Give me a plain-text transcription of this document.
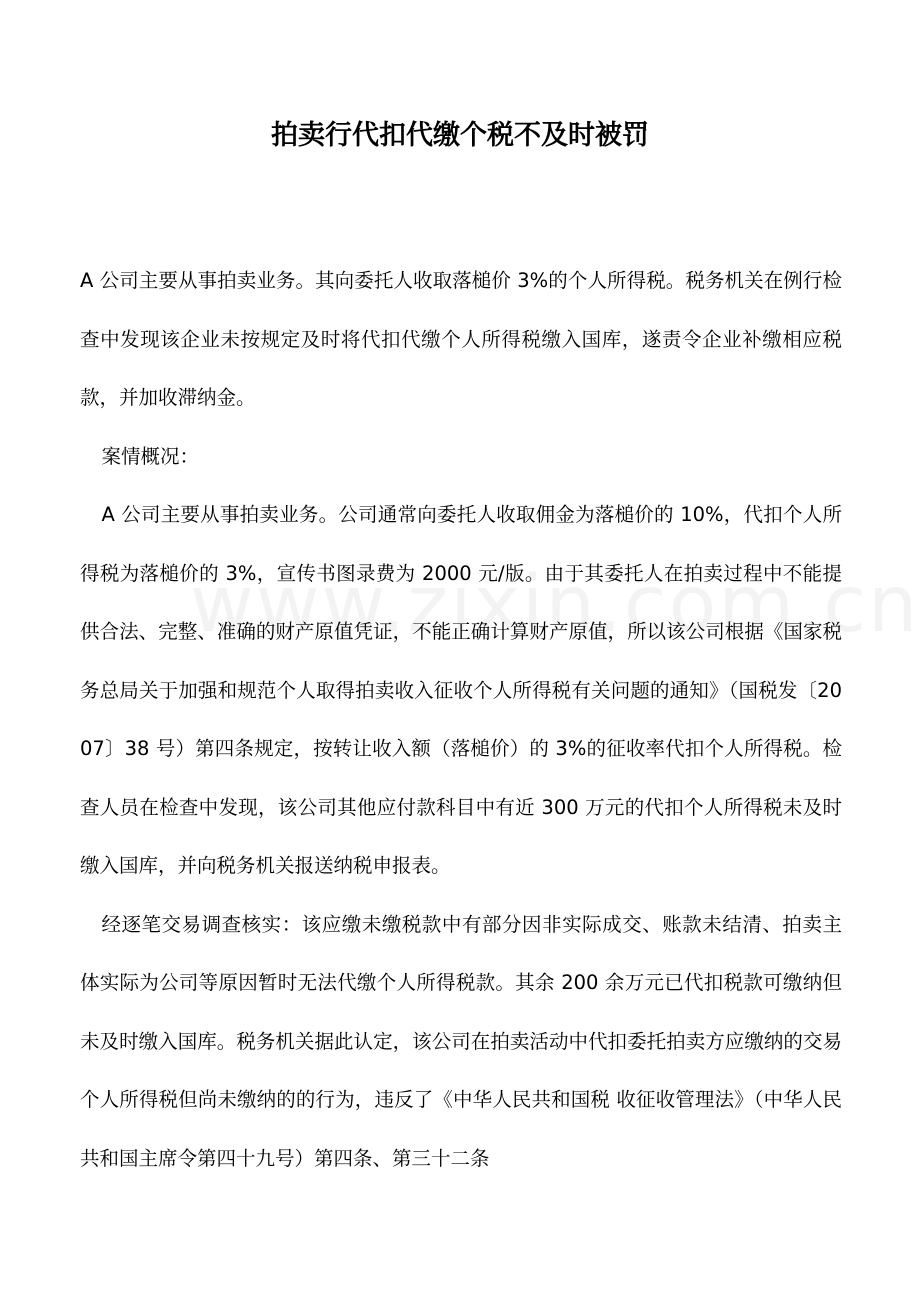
拍卖行代扣代缴个税不及时被罚

A 公司主要从事拍卖业务。其向委托人收取落槌价 3%的个人所得税。税务机关在例行检查中发现该企业未按规定及时将代扣代缴个人所得税缴入国库，遂责令企业补缴相应税款，并加收滞纳金。

案情概况：

A 公司主要从事拍卖业务。公司通常向委托人收取佣金为落槌价的 10%，代扣个人所得税为落槌价的 3%，宣传书图录费为 2000 元/版。由于其委托人在拍卖过程中不能提供合法、完整、准确的财产原值凭证，不能正确计算财产原值，所以该公司根据《国家税务总局关于加强和规范个人取得拍卖收入征收个人所得税有关问题的通知》（国税发〔2007〕38 号）第四条规定，按转让收入额（落槌价）的 3%的征收率代扣个人所得税。检查人员在检查中发现，该公司其他应付款科目中有近 300 万元的代扣个人所得税未及时缴入国库，并向税务机关报送纳税申报表。

经逐笔交易调查核实：该应缴未缴税款中有部分因非实际成交、账款未结清、拍卖主体实际为公司等原因暂时无法代缴个人所得税款。其余 200 余万元已代扣税款可缴纳但未及时缴入国库。税务机关据此认定，该公司在拍卖活动中代扣委托拍卖方应缴纳的交易个人所得税但尚未缴纳的的行为，违反了《中华人民共和国税 收征收管理法》（中华人民共和国主席令第四十九号）第四条、第三十二条
